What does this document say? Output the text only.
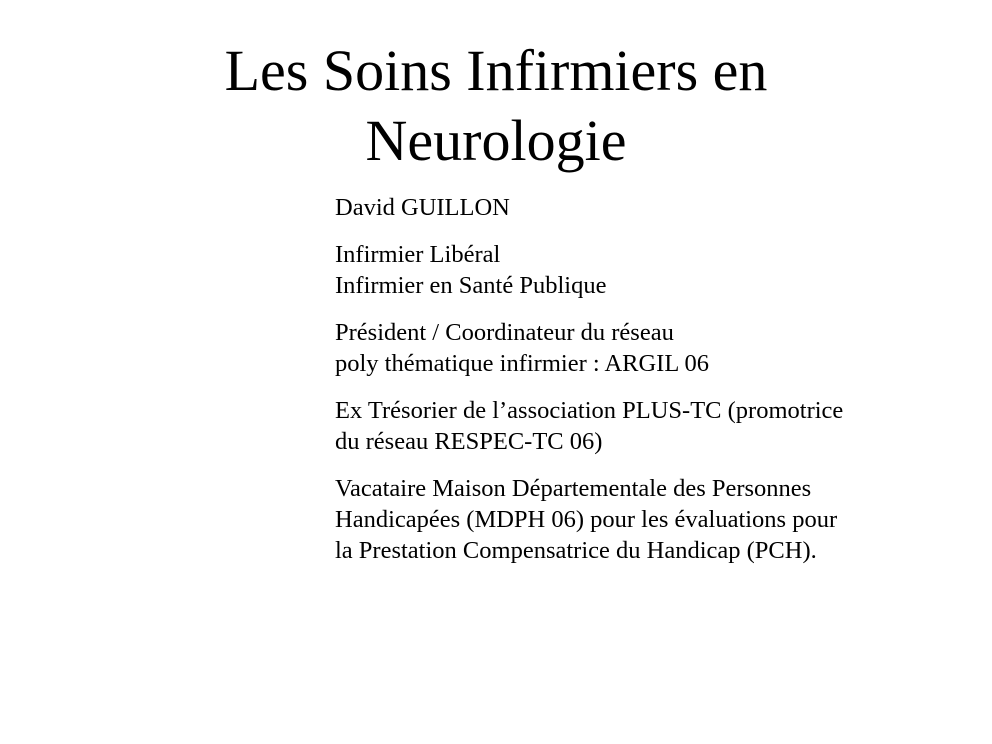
Les Soins Infirmiers en
Neurologie

David GUILLON

Infirmier Libéral
Infirmier en Santé Publique

Président / Coordinateur du réseau
poly thématique infirmier : ARGIL 06

Ex Trésorier de l’association PLUS-TC (promotrice
du réseau RESPEC-TC 06)

Vacataire Maison Départementale des Personnes
Handicapées (MDPH 06) pour les évaluations pour
la Prestation Compensatrice du Handicap (PCH).
